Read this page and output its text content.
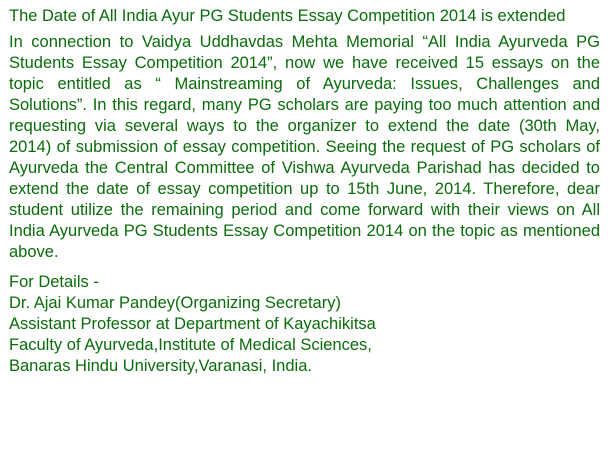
The Date of All India Ayur PG Students Essay Competition 2014 is extended

In connection to Vaidya Uddhavdas Mehta Memorial “All India Ayurveda PG Students Essay Competition 2014”, now we have received 15 essays on the topic entitled as “ Mainstreaming of Ayurveda: Issues, Challenges and Solutions”. In this regard, many PG scholars are paying too much attention and requesting via several ways to the organizer to extend the date (30th May, 2014) of submission of essay competition. Seeing the request of PG scholars of Ayurveda the Central Committee of Vishwa Ayurveda Parishad has decided to extend the date of essay competition up to 15th June, 2014. Therefore, dear student utilize the remaining period and come forward with their views on All India Ayurveda PG Students Essay Competition 2014 on the topic as mentioned above.

For Details -
Dr. Ajai Kumar Pandey(Organizing Secretary)
Assistant Professor at Department of Kayachikitsa
Faculty of Ayurveda,Institute of Medical Sciences,
Banaras Hindu University,Varanasi, India.
